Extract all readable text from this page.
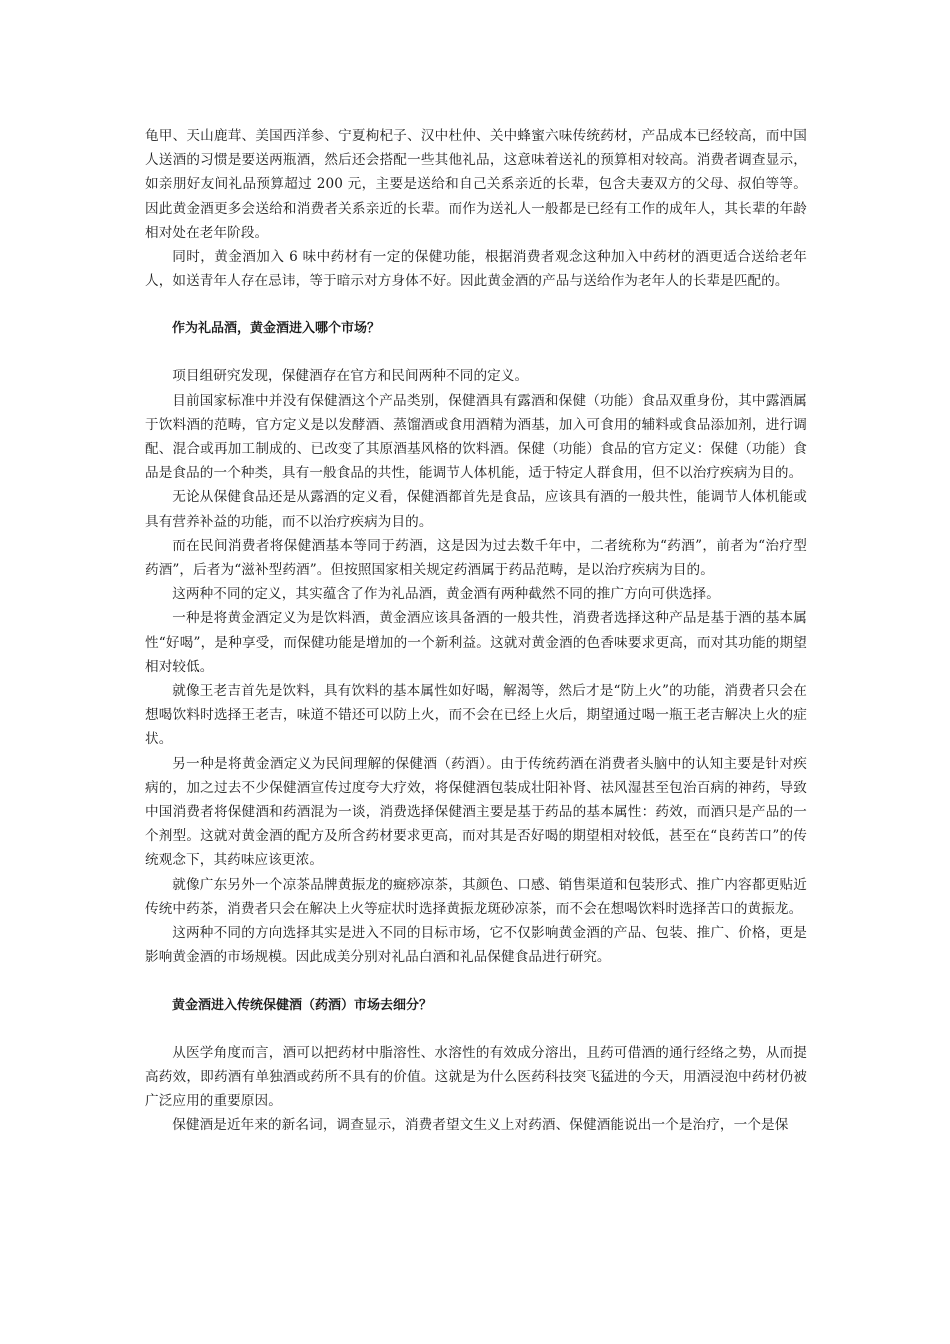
龟甲、天山鹿茸、美国西洋参、宁夏枸杞子、汉中杜仲、关中蜂蜜六味传统药材，产品成本已经较高，而中国人送酒的习惯是要送两瓶酒，然后还会搭配一些其他礼品，这意味着送礼的预算相对较高。消费者调查显示，如亲朋好友间礼品预算超过 200 元，主要是送给和自己关系亲近的长辈，包含夫妻双方的父母、叔伯等等。因此黄金酒更多会送给和消费者关系亲近的长辈。而作为送礼人一般都是已经有工作的成年人，其长辈的年龄相对处在老年阶段。

同时，黄金酒加入 6 味中药材有一定的保健功能，根据消费者观念这种加入中药材的酒更适合送给老年人，如送青年人存在忌讳，等于暗示对方身体不好。因此黄金酒的产品与送给作为老年人的长辈是匹配的。

作为礼品酒，黄金酒进入哪个市场？

项目组研究发现，保健酒存在官方和民间两种不同的定义。

目前国家标准中并没有保健酒这个产品类别，保健酒具有露酒和保健（功能）食品双重身份，其中露酒属于饮料酒的范畴，官方定义是以发酵酒、蒸馏酒或食用酒精为酒基，加入可食用的辅料或食品添加剂，进行调配、混合或再加工制成的、已改变了其原酒基风格的饮料酒。保健（功能）食品的官方定义：保健（功能）食品是食品的一个种类，具有一般食品的共性，能调节人体机能，适于特定人群食用，但不以治疗疾病为目的。

无论从保健食品还是从露酒的定义看，保健酒都首先是食品，应该具有酒的一般共性，能调节人体机能或具有营养补益的功能，而不以治疗疾病为目的。

而在民间消费者将保健酒基本等同于药酒，这是因为过去数千年中，二者统称为“药酒”，前者为“治疗型药酒”，后者为“滋补型药酒”。但按照国家相关规定药酒属于药品范畴，是以治疗疾病为目的。

这两种不同的定义，其实蕴含了作为礼品酒，黄金酒有两种截然不同的推广方向可供选择。

一种是将黄金酒定义为是饮料酒，黄金酒应该具备酒的一般共性，消费者选择这种产品是基于酒的基本属性“好喝”，是种享受，而保健功能是增加的一个新利益。这就对黄金酒的色香味要求更高，而对其功能的期望相对较低。

就像王老吉首先是饮料，具有饮料的基本属性如好喝，解渴等，然后才是“防上火”的功能，消费者只会在想喝饮料时选择王老吉，味道不错还可以防上火，而不会在已经上火后，期望通过喝一瓶王老吉解决上火的症状。

另一种是将黄金酒定义为民间理解的保健酒（药酒）。由于传统药酒在消费者头脑中的认知主要是针对疾病的，加之过去不少保健酒宣传过度夸大疗效，将保健酒包装成壮阳补肾、祛风湿甚至包治百病的神药，导致中国消费者将保健酒和药酒混为一谈，消费选择保健酒主要是基于药品的基本属性：药效，而酒只是产品的一个剂型。这就对黄金酒的配方及所含药材要求更高，而对其是否好喝的期望相对较低，甚至在“良药苦口”的传统观念下，其药味应该更浓。

就像广东另外一个凉茶品牌黄振龙的癍痧凉茶，其颜色、口感、销售渠道和包装形式、推广内容都更贴近传统中药茶，消费者只会在解决上火等症状时选择黄振龙斑砂凉茶，而不会在想喝饮料时选择苦口的黄振龙。

这两种不同的方向选择其实是进入不同的目标市场，它不仅影响黄金酒的产品、包装、推广、价格，更是影响黄金酒的市场规模。因此成美分别对礼品白酒和礼品保健食品进行研究。

黄金酒进入传统保健酒（药酒）市场去细分？

从医学角度而言，酒可以把药材中脂溶性、水溶性的有效成分溶出，且药可借酒的通行经络之势，从而提高药效，即药酒有单独酒或药所不具有的价值。这就是为什么医药科技突飞猛进的今天，用酒浸泡中药材仍被广泛应用的重要原因。

保健酒是近年来的新名词，调查显示，消费者望文生义上对药酒、保健酒能说出一个是治疗，一个是保
